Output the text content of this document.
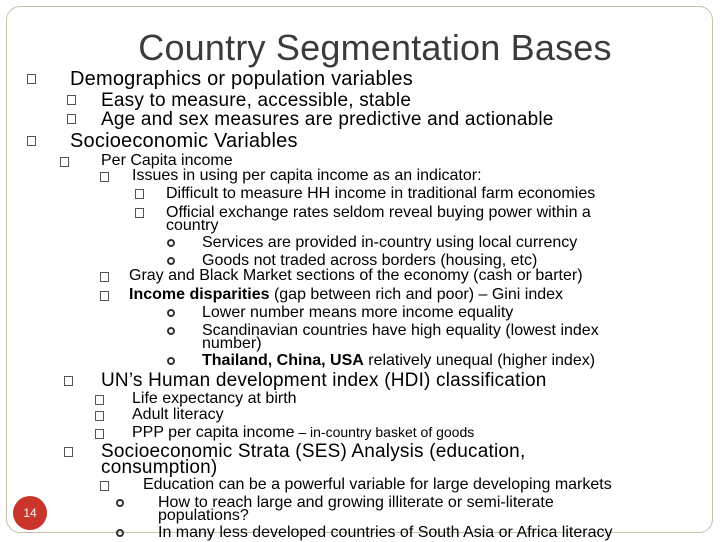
Country Segmentation Bases
Demographics or population variables
Easy to measure, accessible, stable
Age and sex measures are predictive and actionable
Socioeconomic Variables
Per Capita income
Issues in using per capita income as an indicator:
Difficult to measure HH income in traditional farm economies
Official exchange rates seldom reveal buying power within a
country
Services are provided in-country using local currency
Goods not traded across borders (housing, etc)
Gray and Black Market sections of the economy (cash or barter)
Income disparities (gap between rich and poor) – Gini index
Lower number means more income equality
Scandinavian countries have high equality (lowest index
number)
Thailand, China, USA relatively unequal (higher index)
UN’s Human development index (HDI) classification
Life expectancy at birth
Adult literacy
PPP per capita income – in-country basket of goods
Socioeconomic Strata (SES) Analysis (education,
consumption)
Education can be a powerful variable for large developing markets
How to reach large and growing illiterate or semi-literate
populations?
In many less developed countries of South Asia or Africa literacy
14
